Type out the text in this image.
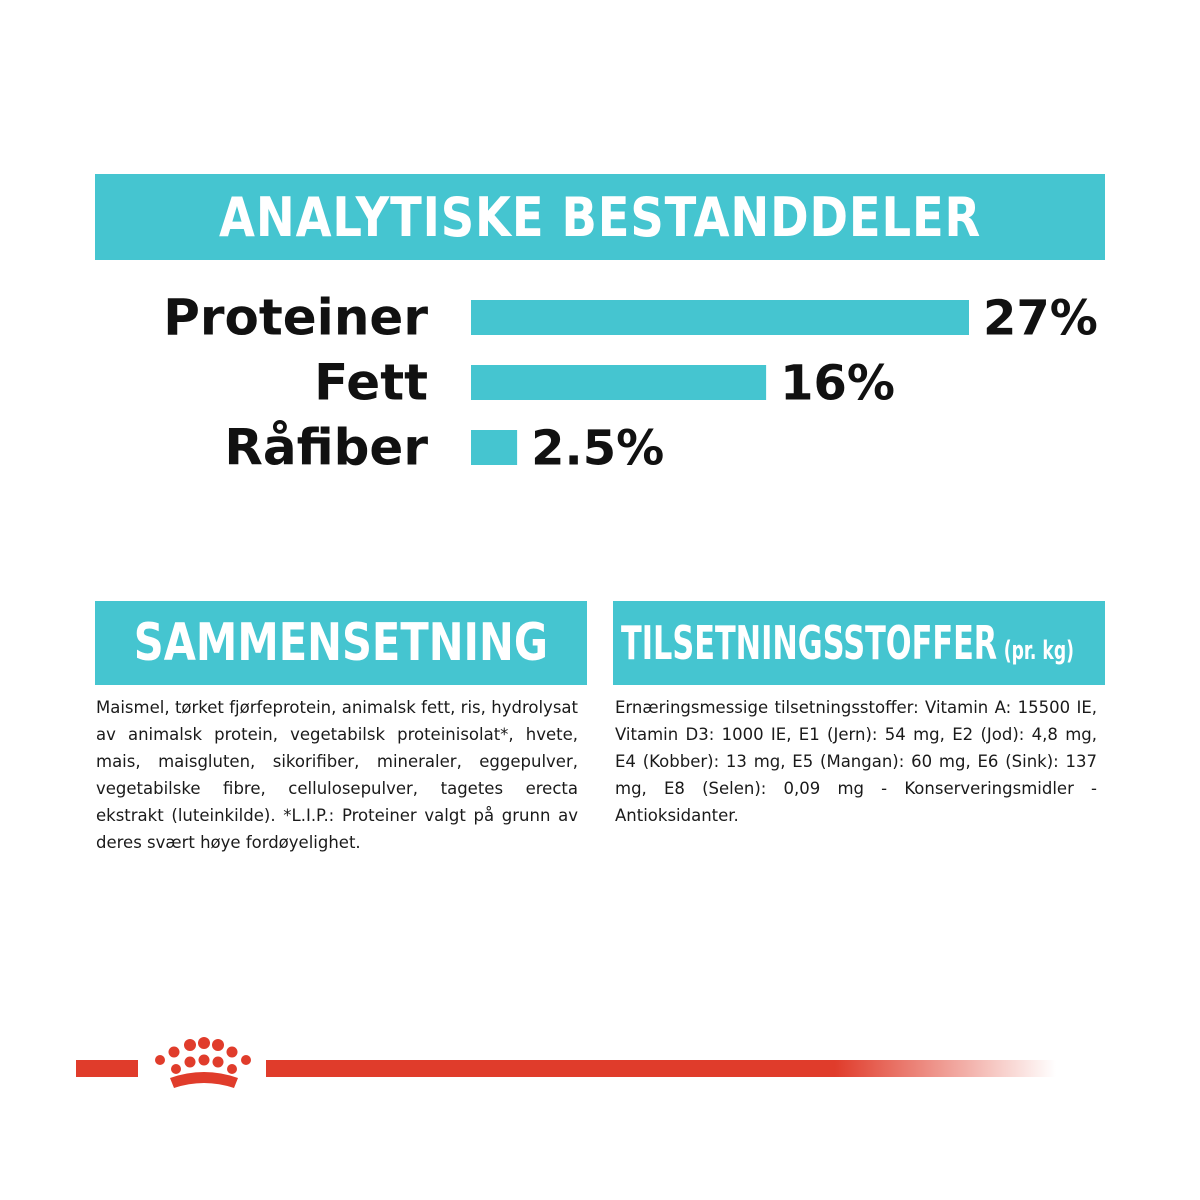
ANALYTISKE BESTANDDELER
Proteiner	27%
Fett	16%
Råfiber 2.5%
SAMMENSETNING TILSETNINGSSTOFFER (pr. kg)

Maismel, tørket fjørfeprotein, animalsk fett, ris, hydrolysat av animalsk protein, vegetabilsk proteinisolat*, hvete, mais, maisgluten, sikorifiber, mineraler, eggepulver, vegetabilske fibre, cellulosepulver, tagetes erecta ekstrakt (luteinkilde). *L.I.P.: Proteiner valgt på grunn av deres svært høye fordøyelighet.

Ernæringsmessige tilsetningsstoffer: Vitamin A: 15500 IE, Vitamin D3: 1000 IE, E1 (Jern): 54 mg, E2 (Jod): 4,8 mg, E4 (Kobber): 13 mg, E5 (Mangan): 60 mg, E6 (Sink): 137 mg, E8 (Selen): 0,09 mg - Konserveringsmidler - Antioksidanter.
